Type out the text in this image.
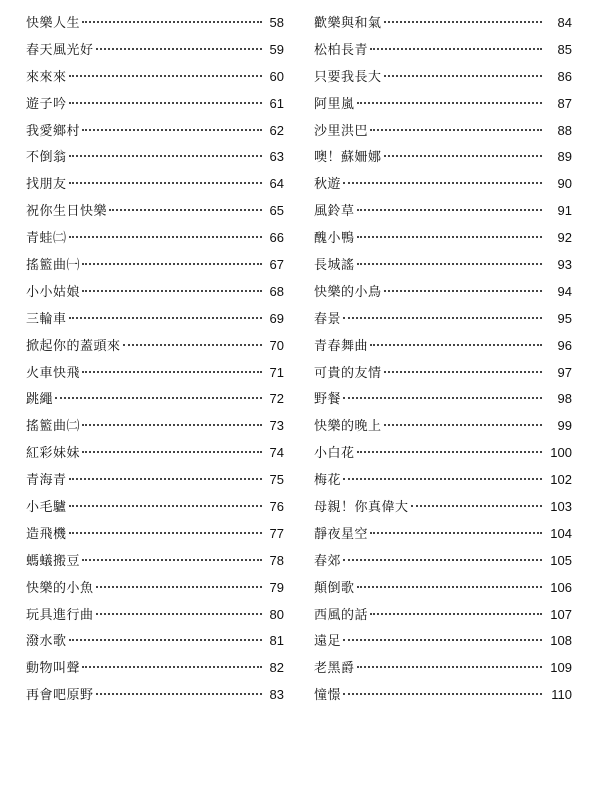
快樂人生	58
春天風光好	59
來來來	60
遊子吟	61
我愛鄉村	62
不倒翁	63
找朋友	64
祝你生日快樂	65
青蛙㈡	66
搖籃曲㈠	67
小小姑娘	68
三輪車	69
掀起你的蓋頭來	70
火車快飛	71
跳繩	72
搖籃曲㈡	73
紅彩妹妹	74
青海青	75
小毛驢	76
造飛機	77
螞蟻搬豆	78
快樂的小魚	79
玩具進行曲	80
潑水歌	81
動物叫聲	82
再會吧原野	83
歡樂與和氣	84
松柏長青	85
只要我長大	86
阿里嵐	87
沙里洪巴	88
噢！蘇姍娜	89
秋遊	90
風鈴草	91
醜小鴨	92
長城謠	93
快樂的小鳥	94
春景	95
青春舞曲	96
可貴的友情	97
野餐	98
快樂的晚上	99
小白花	100
梅花	102
母親！你真偉大	103
靜夜星空	104
春郊	105
顛倒歌	106
西風的話	107
遠足	108
老黑爵	109
憧憬	110
